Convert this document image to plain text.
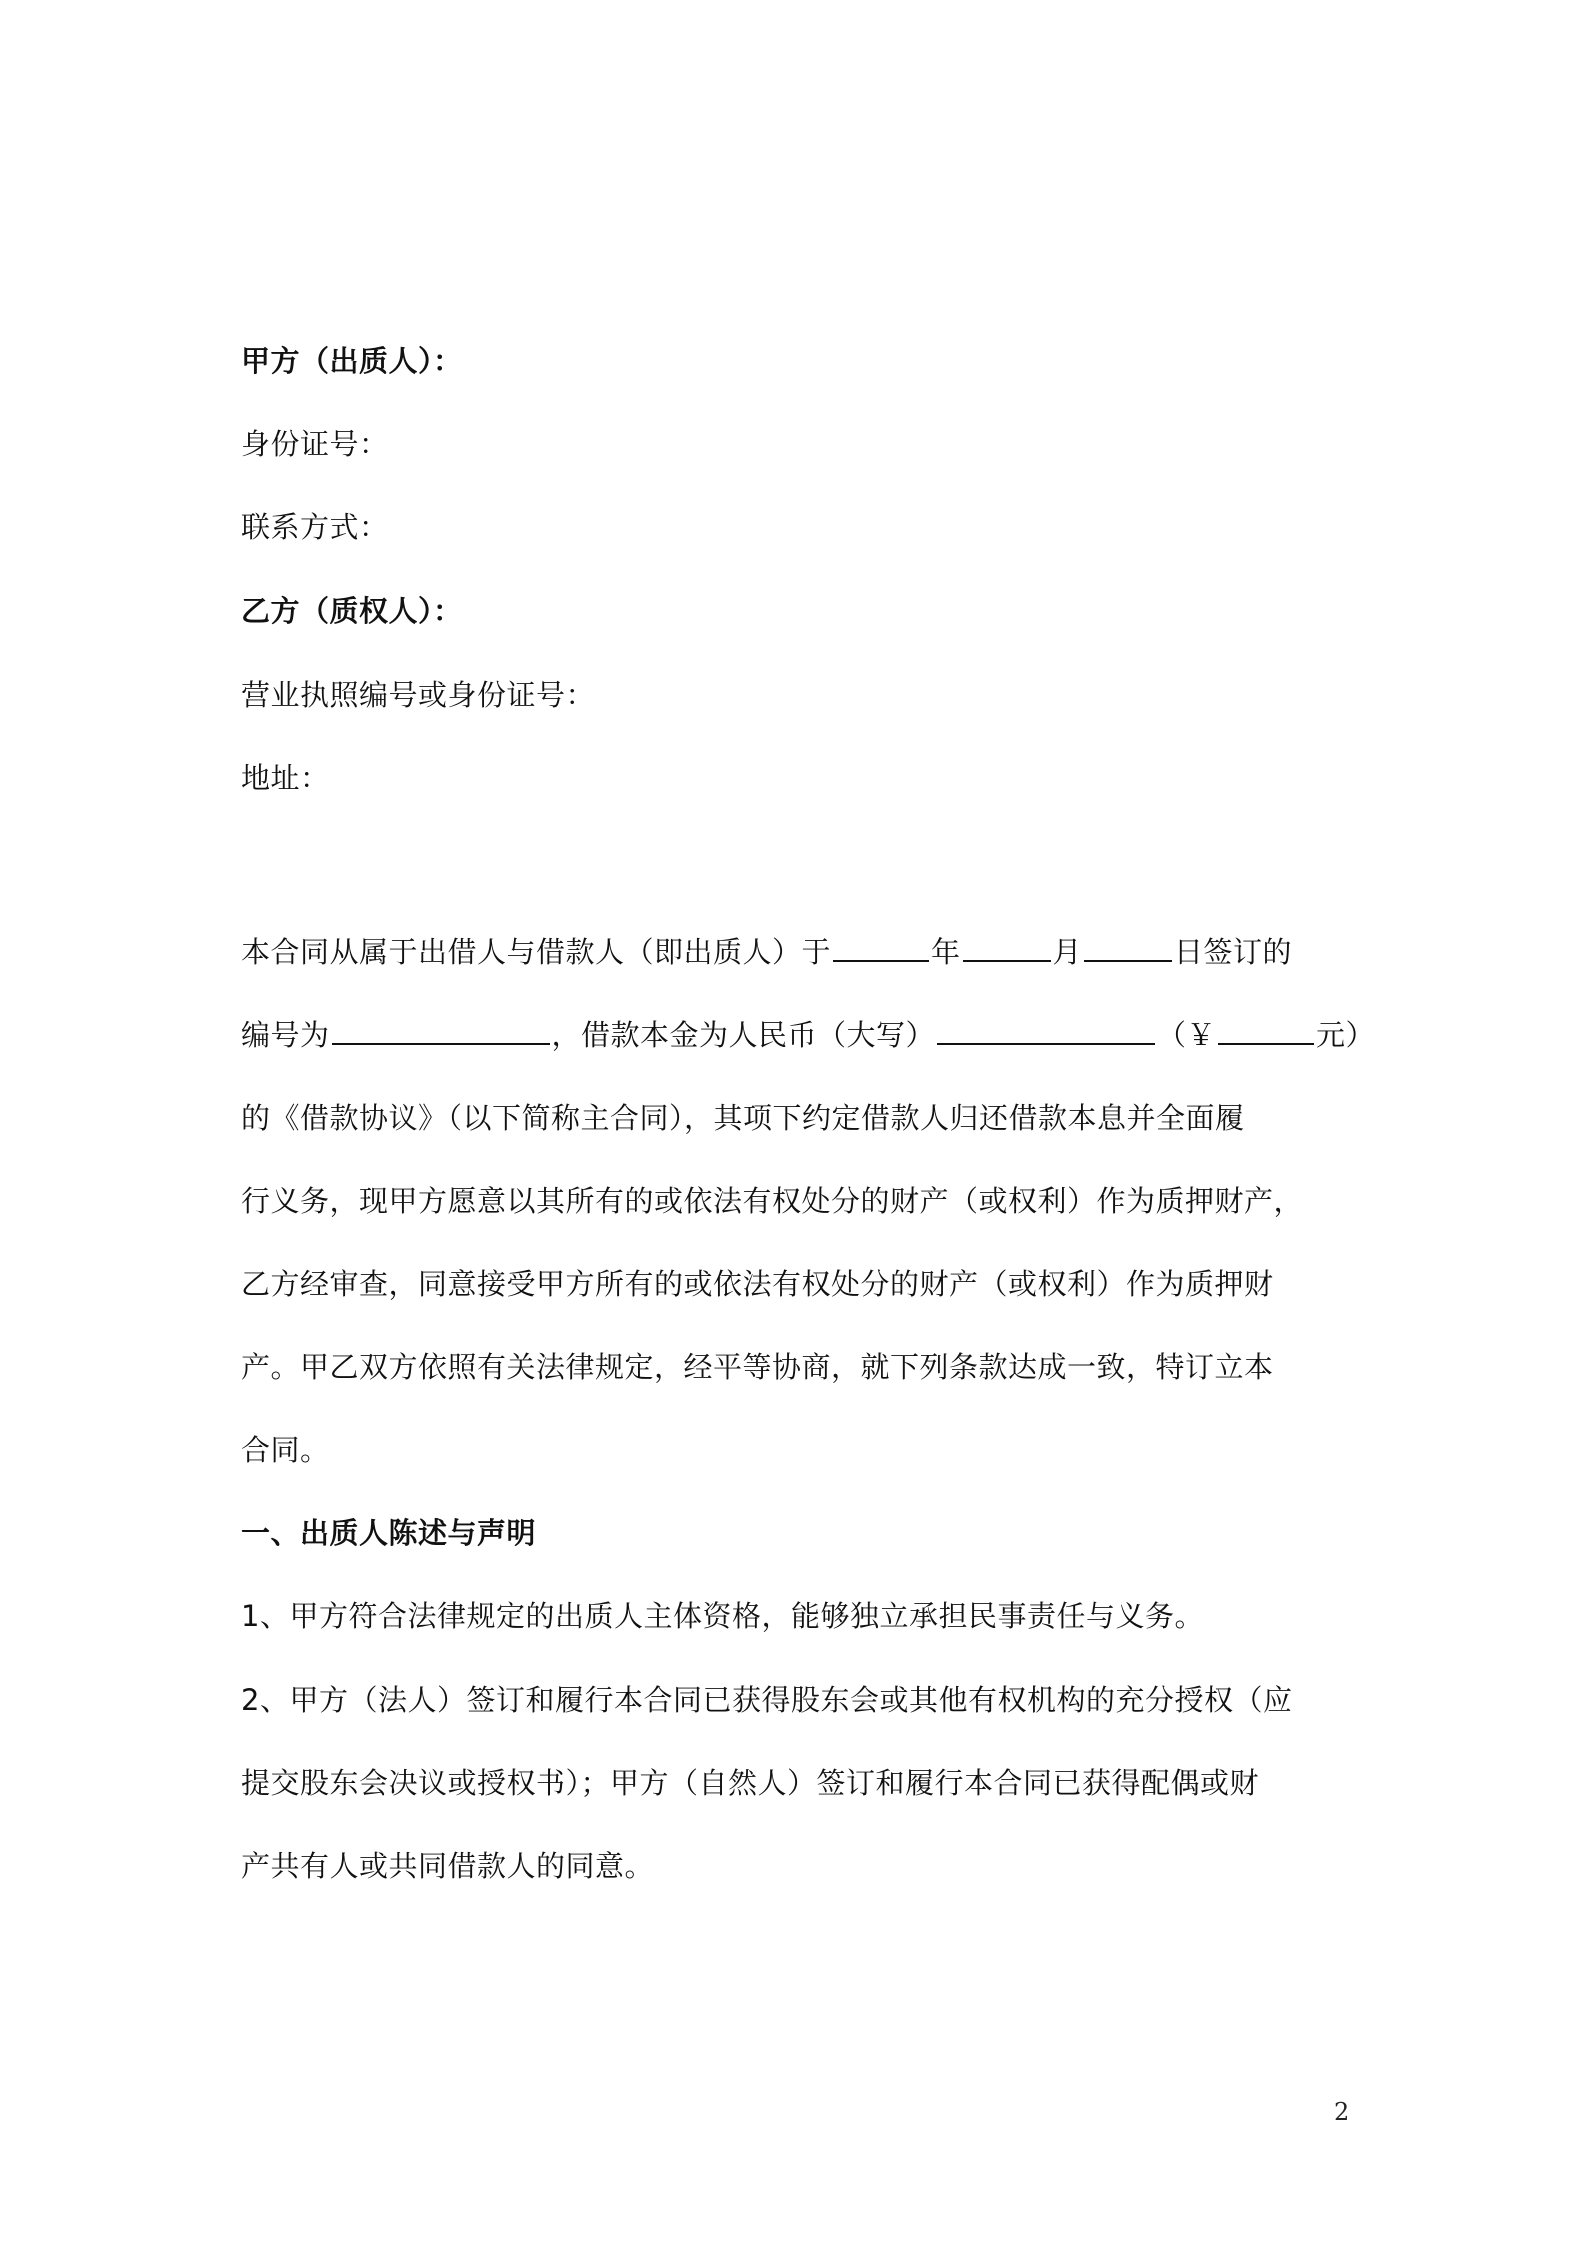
甲方（出质人）：
身份证号：
联系方式：
乙方（质权人）：
营业执照编号或身份证号：
地址：
本合同从属于出借人与借款人（即出质人）于	年	月	日签订的
编号为	，借款本金为人民币（大写）	（￥	元）
的《借款协议》（以下简称主合同），其项下约定借款人归还借款本息并全面履
行义务，现甲方愿意以其所有的或依法有权处分的财产（或权利）作为质押财产，
乙方经审查，同意接受甲方所有的或依法有权处分的财产（或权利）作为质押财
产。甲乙双方依照有关法律规定，经平等协商，就下列条款达成一致，特订立本
合同。
一、出质人陈述与声明
1、甲方符合法律规定的出质人主体资格，能够独立承担民事责任与义务。
2、甲方（法人）签订和履行本合同已获得股东会或其他有权机构的充分授权（应
提交股东会决议或授权书）；甲方（自然人）签订和履行本合同已获得配偶或财
产共有人或共同借款人的同意。
2
